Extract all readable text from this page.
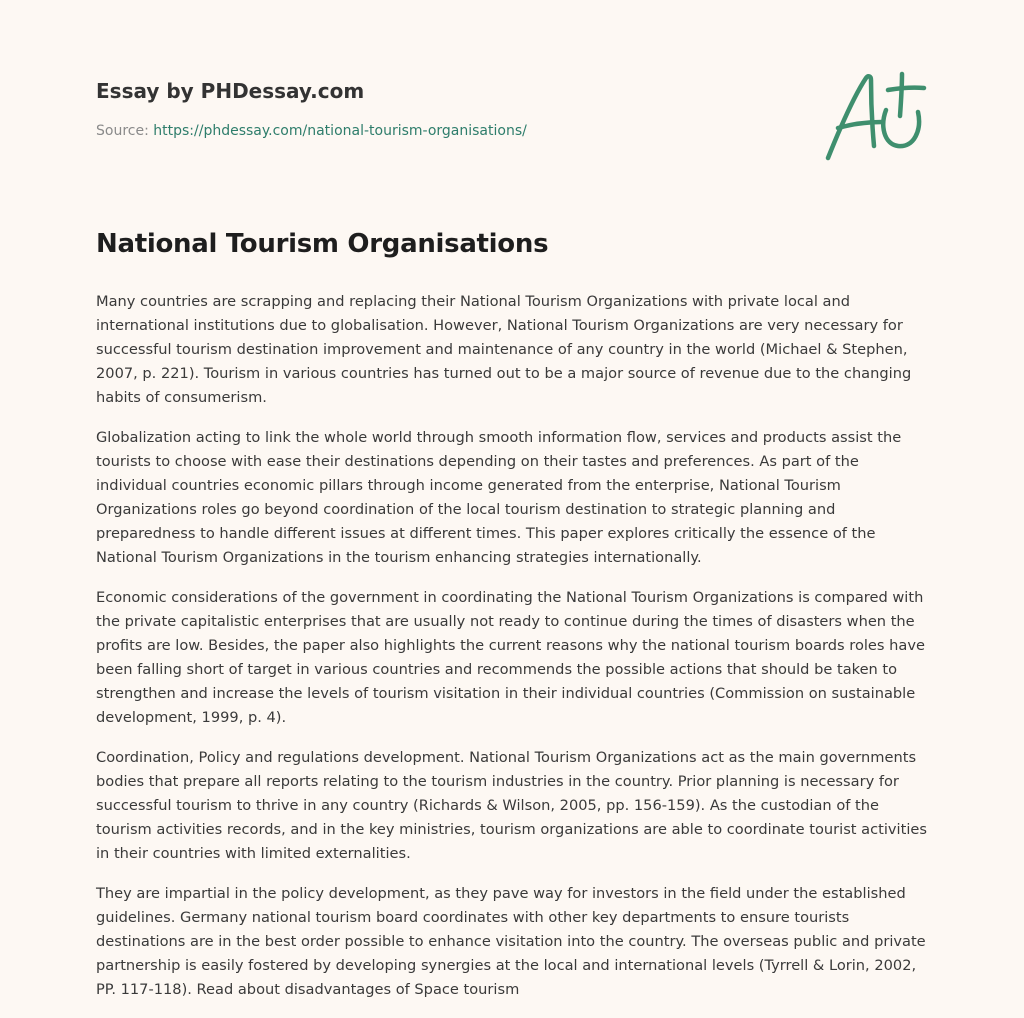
Essay by PHDessay.com
Source: https://phdessay.com/national-tourism-organisations/
National Tourism Organisations

Many countries are scrapping and replacing their National Tourism Organizations with private local and international institutions due to globalisation. However, National Tourism Organizations are very necessary for successful tourism destination improvement and maintenance of any country in the world (Michael & Stephen, 2007, p. 221). Tourism in various countries has turned out to be a major source of revenue due to the changing habits of consumerism.

Globalization acting to link the whole world through smooth information flow, services and products assist the tourists to choose with ease their destinations depending on their tastes and preferences. As part of the individual countries economic pillars through income generated from the enterprise, National Tourism Organizations roles go beyond coordination of the local tourism destination to strategic planning and preparedness to handle different issues at different times. This paper explores critically the essence of the National Tourism Organizations in the tourism enhancing strategies internationally.

Economic considerations of the government in coordinating the National Tourism Organizations is compared with the private capitalistic enterprises that are usually not ready to continue during the times of disasters when the profits are low. Besides, the paper also highlights the current reasons why the national tourism boards roles have been falling short of target in various countries and recommends the possible actions that should be taken to strengthen and increase the levels of tourism visitation in their individual countries (Commission on sustainable development, 1999, p. 4).

Coordination, Policy and regulations development. National Tourism Organizations act as the main governments bodies that prepare all reports relating to the tourism industries in the country. Prior planning is necessary for successful tourism to thrive in any country (Richards & Wilson, 2005, pp. 156-159). As the custodian of the tourism activities records, and in the key ministries, tourism organizations are able to coordinate tourist activities in their countries with limited externalities.

They are impartial in the policy development, as they pave way for investors in the field under the established guidelines. Germany national tourism board coordinates with other key departments to ensure tourists destinations are in the best order possible to enhance visitation into the country. The overseas public and private partnership is easily fostered by developing synergies at the local and international levels (Tyrrell & Lorin, 2002, PP. 117-118). Read about disadvantages of Space tourism
